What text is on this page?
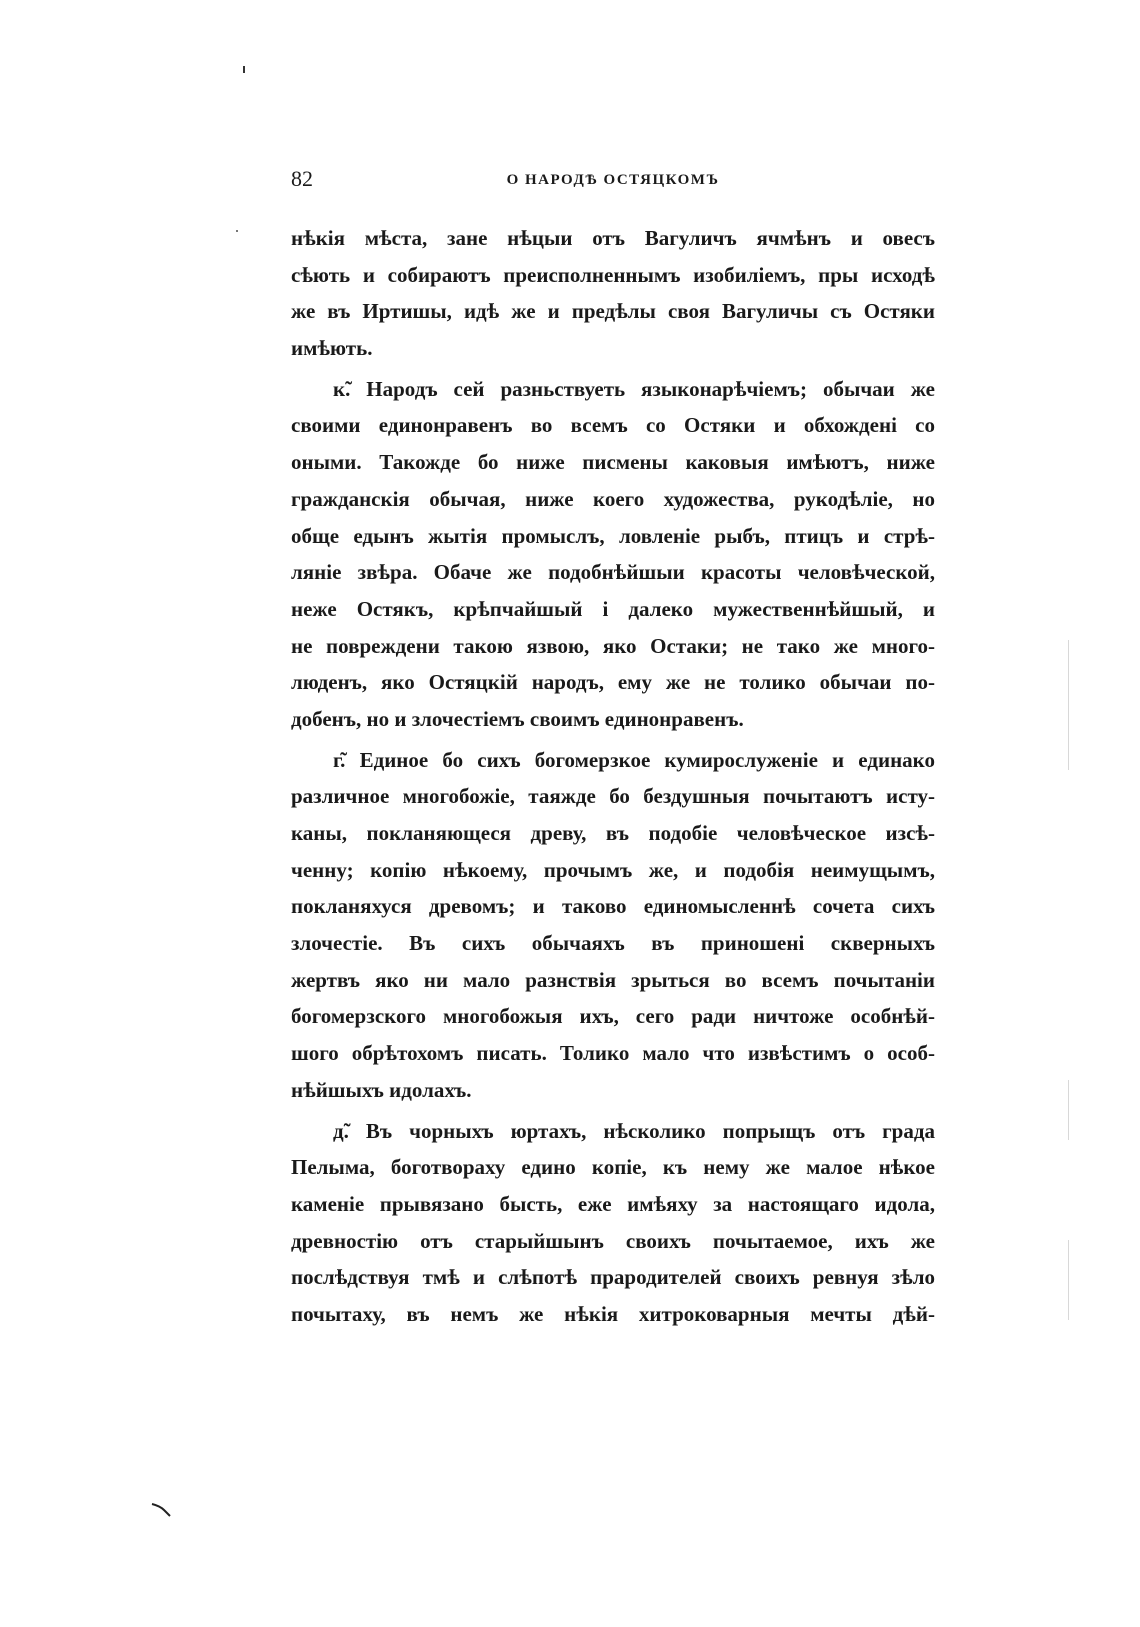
82	О НАРОДѢ ОСТЯЦКОМЪ
нѣкія мѣста, зане нѣцыи отъ Вагуличъ ячмѣнъ и овесъ
сѣють и собираютъ преисполненнымъ изобиліемъ, пры исходѣ
же въ Иртишы, идѣ же и предѣлы своя Вагуличы съ Остяки
имѣють.
к̃. Народъ сей разньствуеть языконарѣчіемъ; обычаи же
своими единонравенъ во всемъ со Остяки и обхождені со
оными. Такожде бо ниже писмены каковыя имѣютъ, ниже
гражданскія обычая, ниже коего художества, рукодѣліе, но
обще едынъ жытія промыслъ, ловленіе рыбъ, птицъ и стрѣ-
ляніе звѣра. Обаче же подобнѣйшыи красоты человѣческой,
неже Остякъ, крѣпчайшый і далеко мужественнѣйшый, и
не повреждени такою язвою, яко Остаки; не тако же много-
люденъ, яко Остяцкій народъ, ему же не толико обычаи по-
добенъ, но и злочестіемъ своимъ единонравенъ.
г̃. Единое бо сихъ богомерзкое кумирослуженіе и единако
различное многобожіе, таяжде бо бездушныя почытаютъ исту-
каны, покланяющеся древу, въ подобіе человѣческое изсѣ-
ченну; копію нѣкоему, прочымъ же, и подобія неимущымъ,
покланяхуся древомъ; и таково единомысленнѣ сочета сихъ
злочестіе. Въ сихъ обычаяхъ въ приношені скверныхъ
жертвъ яко ни мало разнствія зрыться во всемъ почытаніи
богомерзского многобожыя ихъ, сего ради ничтоже особнѣй-
шого обрѣтохомъ писать. Толико мало что извѣстимъ о особ-
нѣйшыхъ идолахъ.
д̃. Въ чорныхъ юртахъ, нѣсколико попрыщъ отъ града
Пелыма, боготвораху едино копіе, къ нему же малое нѣкое
каменіе прывязано бысть, еже имѣяху за настоящаго идола,
древностію отъ старыйшынъ своихъ почытаемое, ихъ же
послѣдствуя тмѣ и слѣпотѣ прародителей своихъ ревнуя зѣло
почытаху, въ немъ же нѣкія хитроковарныя мечты дѣй-
